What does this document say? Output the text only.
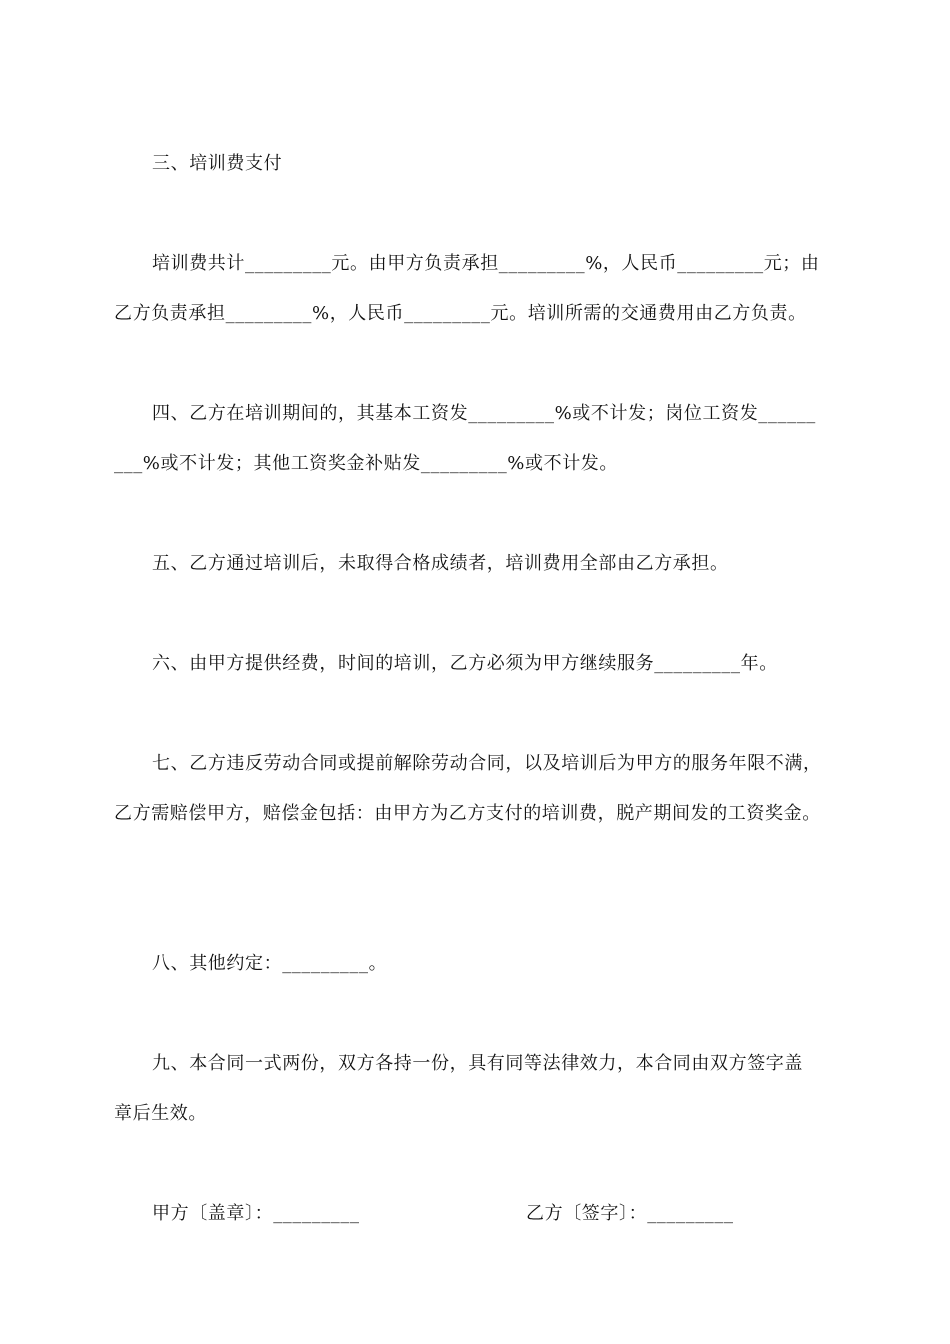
三、培训费支付
培训费共计_________元。由甲方负责承担_________%，人民币_________元；由
乙方负责承担_________%，人民币_________元。培训所需的交通费用由乙方负责。
四、乙方在培训期间的，其基本工资发_________%或不计发；岗位工资发______
___%或不计发；其他工资奖金补贴发_________%或不计发。
五、乙方通过培训后，未取得合格成绩者，培训费用全部由乙方承担。
六、由甲方提供经费，时间的培训，乙方必须为甲方继续服务_________年。
七、乙方违反劳动合同或提前解除劳动合同，以及培训后为甲方的服务年限不满，
乙方需赔偿甲方，赔偿金包括：由甲方为乙方支付的培训费，脱产期间发的工资奖金。
八、其他约定：_________。
九、本合同一式两份，双方各持一份，具有同等法律效力，本合同由双方签字盖
章后生效。
甲方〔盖章〕：_________	乙方〔签字〕：_________
